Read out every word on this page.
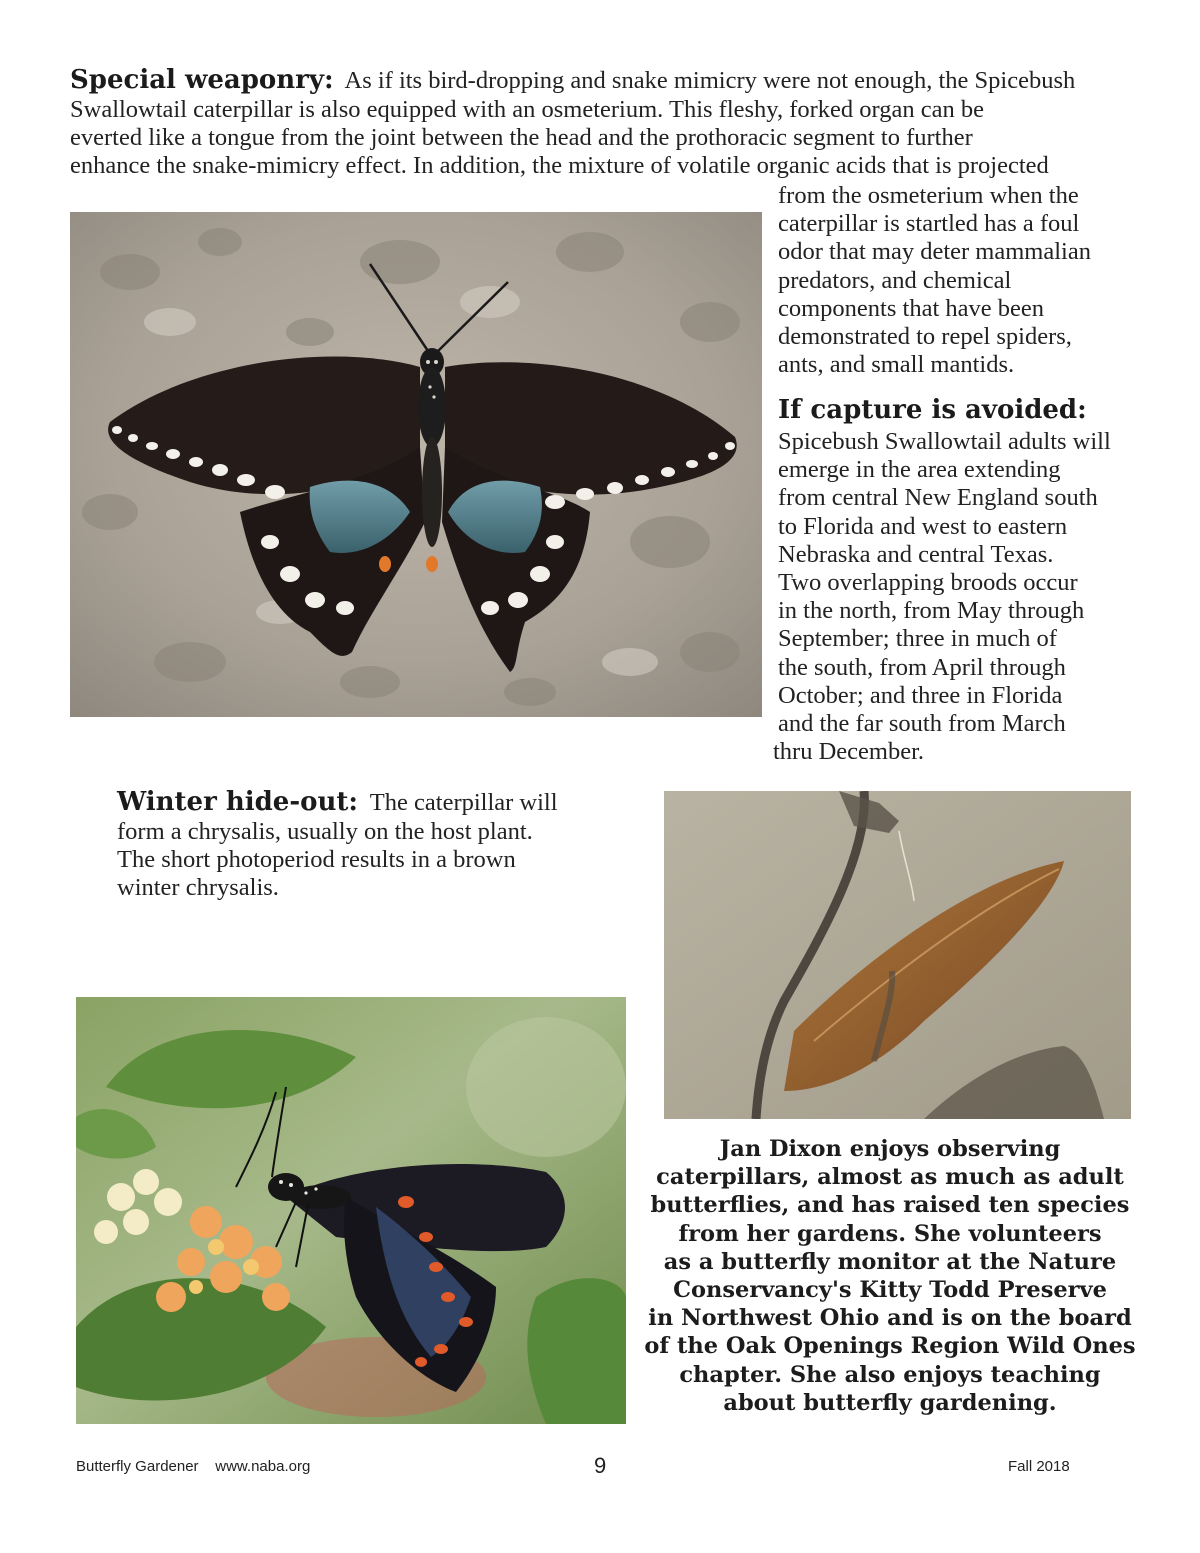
Special weaponry: As if its bird-dropping and snake mimicry were not enough, the Spicebush
Swallowtail caterpillar is also equipped with an osmeterium. This fleshy, forked organ can be
everted like a tongue from the joint between the head and the prothoracic segment to further
enhance the snake-mimicry effect. In addition, the mixture of volatile organic acids that is projected
from the osmeterium when the
caterpillar is startled has a foul
odor that may deter mammalian
predators, and chemical
components that have been
demonstrated to repel spiders,
ants, and small mantids.
If capture is avoided:
Spicebush Swallowtail adults will
emerge in the area extending
from central New England south
to Florida and west to eastern
Nebraska and central Texas.
Two overlapping broods occur
in the north, from May through
September; three in much of
the south, from April through
October; and three in Florida
and the far south from March
thru December.
Winter hide-out: The caterpillar will
form a chrysalis, usually on the host plant.
The short photoperiod results in a brown
winter chrysalis.
Jan Dixon enjoys observing
caterpillars, almost as much as adult
butterflies, and has raised ten species
from her gardens. She volunteers
as a butterfly monitor at the Nature
Conservancy's Kitty Todd Preserve
in Northwest Ohio and is on the board
of the Oak Openings Region Wild Ones
chapter. She also enjoys teaching
about butterfly gardening.
Butterfly Gardener www.naba.org	9	Fall 2018
